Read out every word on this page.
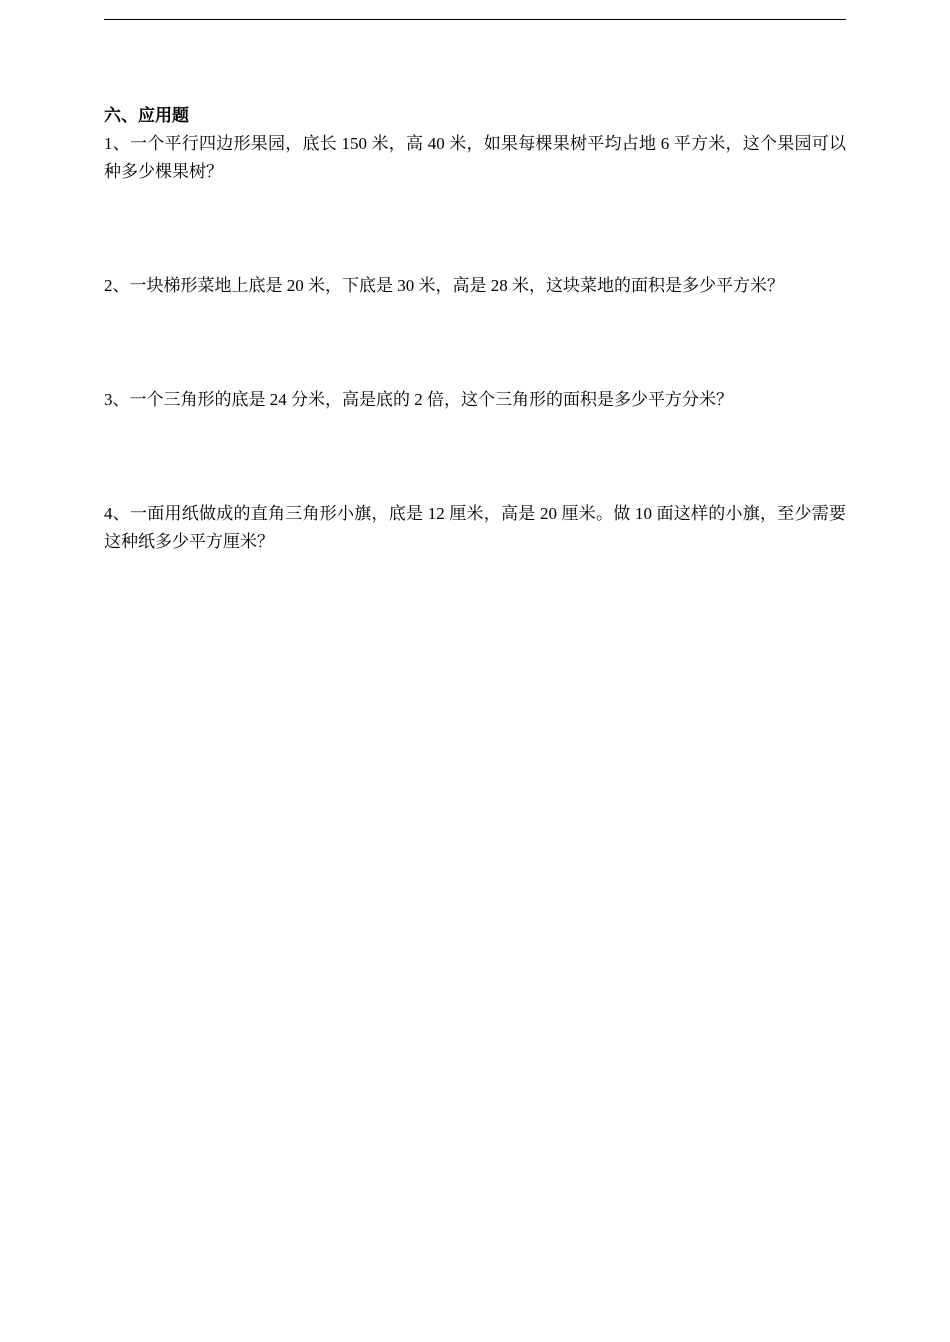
六、应用题

1、一个平行四边形果园，底长 150 米，高 40 米，如果每棵果树平均占地 6 平方米，这个果园可以种多少棵果树？

2、一块梯形菜地上底是 20 米，下底是 30 米，高是 28 米，这块菜地的面积是多少平方米？

3、一个三角形的底是 24 分米，高是底的 2 倍，这个三角形的面积是多少平方分米？

4、一面用纸做成的直角三角形小旗，底是 12 厘米，高是 20 厘米。做 10 面这样的小旗，至少需要这种纸多少平方厘米？
